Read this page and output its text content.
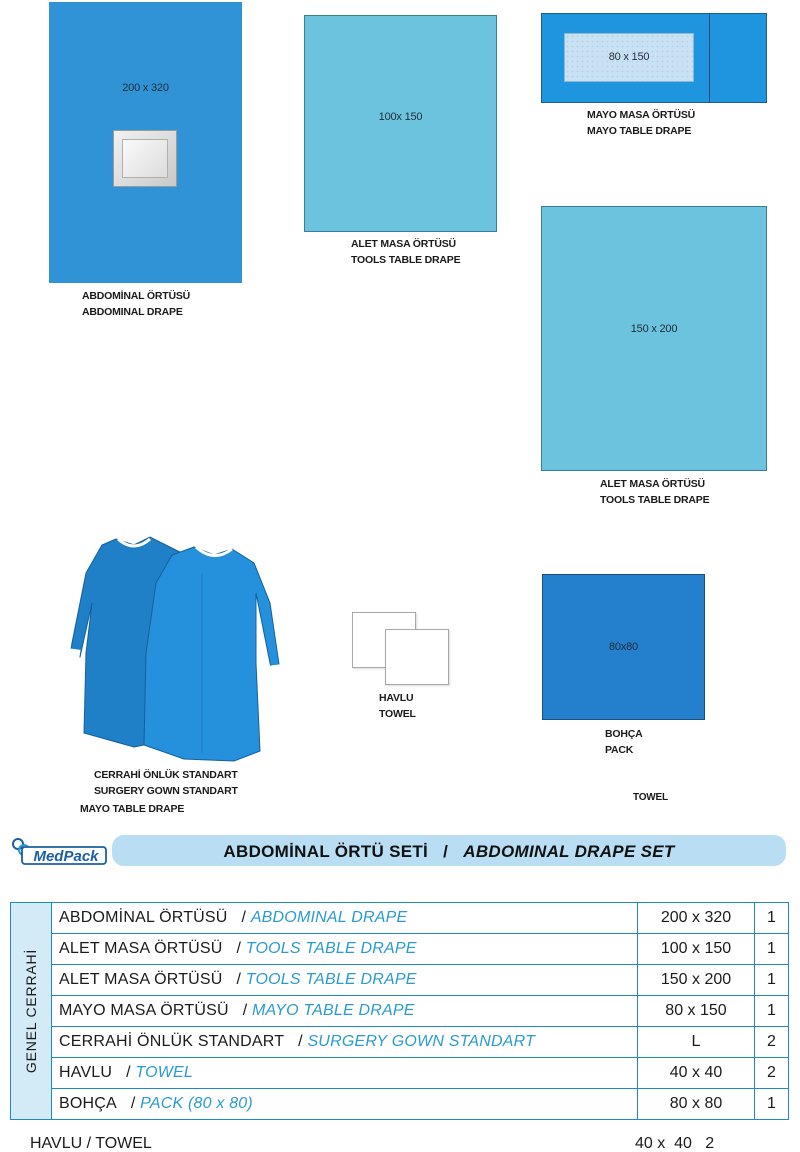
200 x 320
ABDOMİNAL ÖRTÜSÜ
ABDOMINAL DRAPE
100x 150
ALET MASA ÖRTÜSÜ
TOOLS TABLE DRAPE
80 x 150
MAYO MASA ÖRTÜSÜ
MAYO TABLE DRAPE
150 x 200
ALET MASA ÖRTÜSÜ
TOOLS TABLE DRAPE
CERRAHİ ÖNLÜK STANDART
SURGERY GOWN STANDART
MAYO TABLE DRAPE
HAVLU
TOWEL
80x80
BOHÇA
PACK
TOWEL
MedPack	ABDOMİNAL ÖRTÜ SETİ / ABDOMINAL DRAPE SET
GENEL CERRAHİ	ABDOMİNAL ÖRTÜSÜ / ABDOMINAL DRAPE	200 x 320	1
	ALET MASA ÖRTÜSÜ / TOOLS TABLE DRAPE	100 x 150	1
	ALET MASA ÖRTÜSÜ / TOOLS TABLE DRAPE	150 x 200	1
	MAYO MASA ÖRTÜSÜ / MAYO TABLE DRAPE	80 x 150	1
	CERRAHİ ÖNLÜK STANDART / SURGERY GOWN STANDART	L	2
	HAVLU / TOWEL	40 x 40	2
	BOHÇA / PACK (80 x 80)	80 x 80	1
HAVLU / TOWEL	40 x  40   2
